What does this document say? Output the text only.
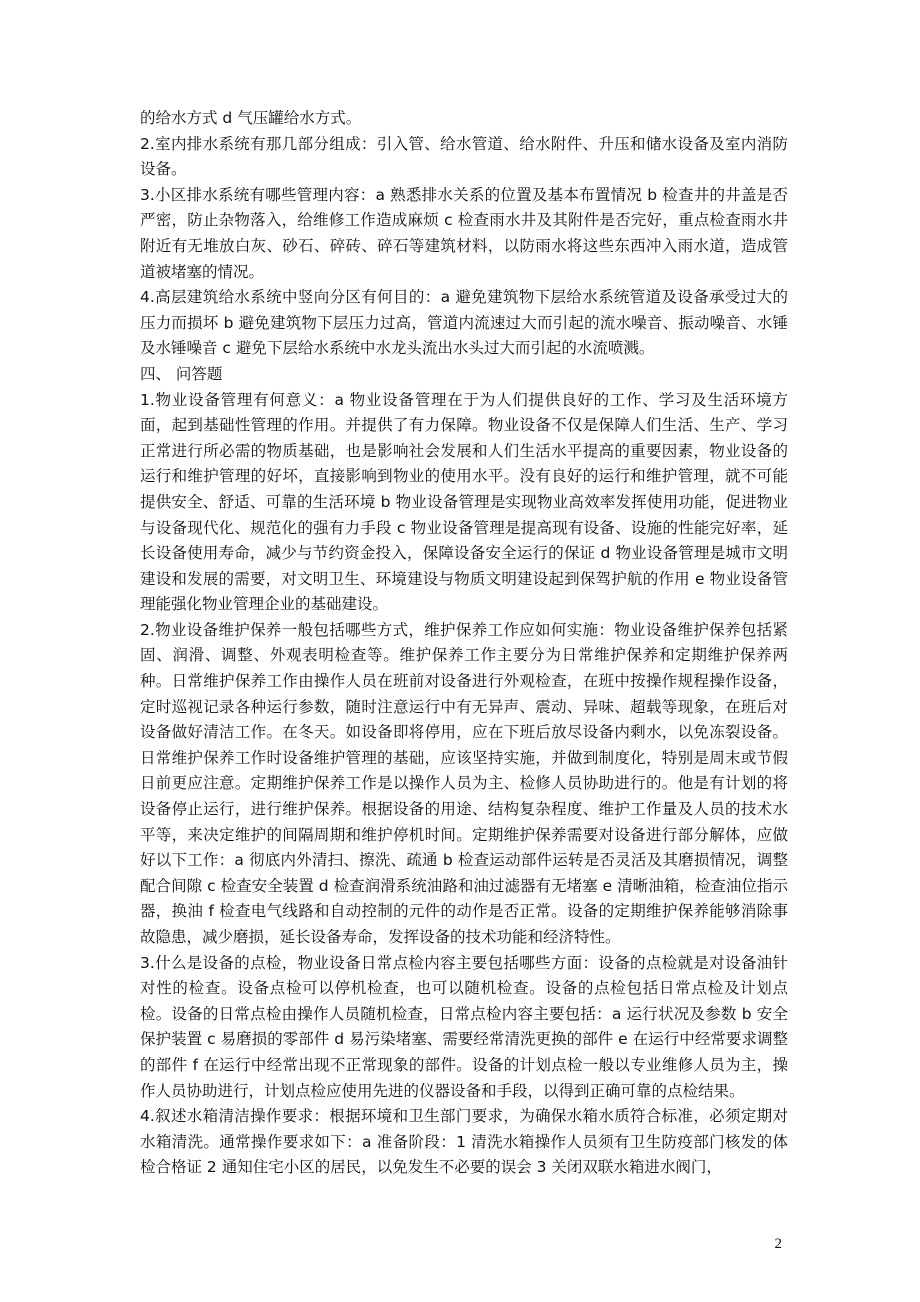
的给水方式 d 气压罐给水方式。

2.室内排水系统有那几部分组成：引入管、给水管道、给水附件、升压和储水设备及室内消防设备。

3.小区排水系统有哪些管理内容：a 熟悉排水关系的位置及基本布置情况 b 检查井的井盖是否严密，防止杂物落入，给维修工作造成麻烦 c 检查雨水井及其附件是否完好，重点检查雨水井附近有无堆放白灰、砂石、碎砖、碎石等建筑材料，以防雨水将这些东西冲入雨水道，造成管道被堵塞的情况。

4.高层建筑给水系统中竖向分区有何目的：a 避免建筑物下层给水系统管道及设备承受过大的压力而损坏 b 避免建筑物下层压力过高，管道内流速过大而引起的流水噪音、振动噪音、水锤及水锤噪音 c 避免下层给水系统中水龙头流出水头过大而引起的水流喷溅。

四、 问答题

1.物业设备管理有何意义：a 物业设备管理在于为人们提供良好的工作、学习及生活环境方面，起到基础性管理的作用。并提供了有力保障。物业设备不仅是保障人们生活、生产、学习正常进行所必需的物质基础，也是影响社会发展和人们生活水平提高的重要因素，物业设备的运行和维护管理的好坏，直接影响到物业的使用水平。没有良好的运行和维护管理，就不可能提供安全、舒适、可靠的生活环境 b 物业设备管理是实现物业高效率发挥使用功能，促进物业与设备现代化、规范化的强有力手段 c 物业设备管理是提高现有设备、设施的性能完好率，延长设备使用寿命，减少与节约资金投入，保障设备安全运行的保证 d 物业设备管理是城市文明建设和发展的需要，对文明卫生、环境建设与物质文明建设起到保驾护航的作用 e 物业设备管理能强化物业管理企业的基础建设。

2.物业设备维护保养一般包括哪些方式，维护保养工作应如何实施：物业设备维护保养包括紧固、润滑、调整、外观表明检查等。维护保养工作主要分为日常维护保养和定期维护保养两种。日常维护保养工作由操作人员在班前对设备进行外观检查，在班中按操作规程操作设备，定时巡视记录各种运行参数，随时注意运行中有无异声、震动、异味、超载等现象，在班后对设备做好清洁工作。在冬天。如设备即将停用，应在下班后放尽设备内剩水，以免冻裂设备。日常维护保养工作时设备维护管理的基础，应该坚持实施，并做到制度化，特别是周末或节假日前更应注意。定期维护保养工作是以操作人员为主、检修人员协助进行的。他是有计划的将设备停止运行，进行维护保养。根据设备的用途、结构复杂程度、维护工作量及人员的技术水平等，来决定维护的间隔周期和维护停机时间。定期维护保养需要对设备进行部分解体，应做好以下工作：a 彻底内外清扫、擦洗、疏通 b 检查运动部件运转是否灵活及其磨损情况，调整配合间隙 c 检查安全装置 d 检查润滑系统油路和油过滤器有无堵塞 e 清晰油箱，检查油位指示器，换油 f 检查电气线路和自动控制的元件的动作是否正常。设备的定期维护保养能够消除事故隐患，减少磨损，延长设备寿命，发挥设备的技术功能和经济特性。

3.什么是设备的点检，物业设备日常点检内容主要包括哪些方面：设备的点检就是对设备油针对性的检查。设备点检可以停机检查，也可以随机检查。设备的点检包括日常点检及计划点检。设备的日常点检由操作人员随机检查，日常点检内容主要包括：a 运行状况及参数 b 安全保护装置 c 易磨损的零部件 d 易污染堵塞、需要经常清洗更换的部件 e 在运行中经常要求调整的部件 f 在运行中经常出现不正常现象的部件。设备的计划点检一般以专业维修人员为主，操作人员协助进行，计划点检应使用先进的仪器设备和手段，以得到正确可靠的点检结果。

4.叙述水箱清洁操作要求：根据环境和卫生部门要求，为确保水箱水质符合标准，必须定期对水箱清洗。通常操作要求如下：a 准备阶段：1 清洗水箱操作人员须有卫生防疫部门核发的体检合格证 2 通知住宅小区的居民，以免发生不必要的误会 3 关闭双联水箱进水阀门，

2
